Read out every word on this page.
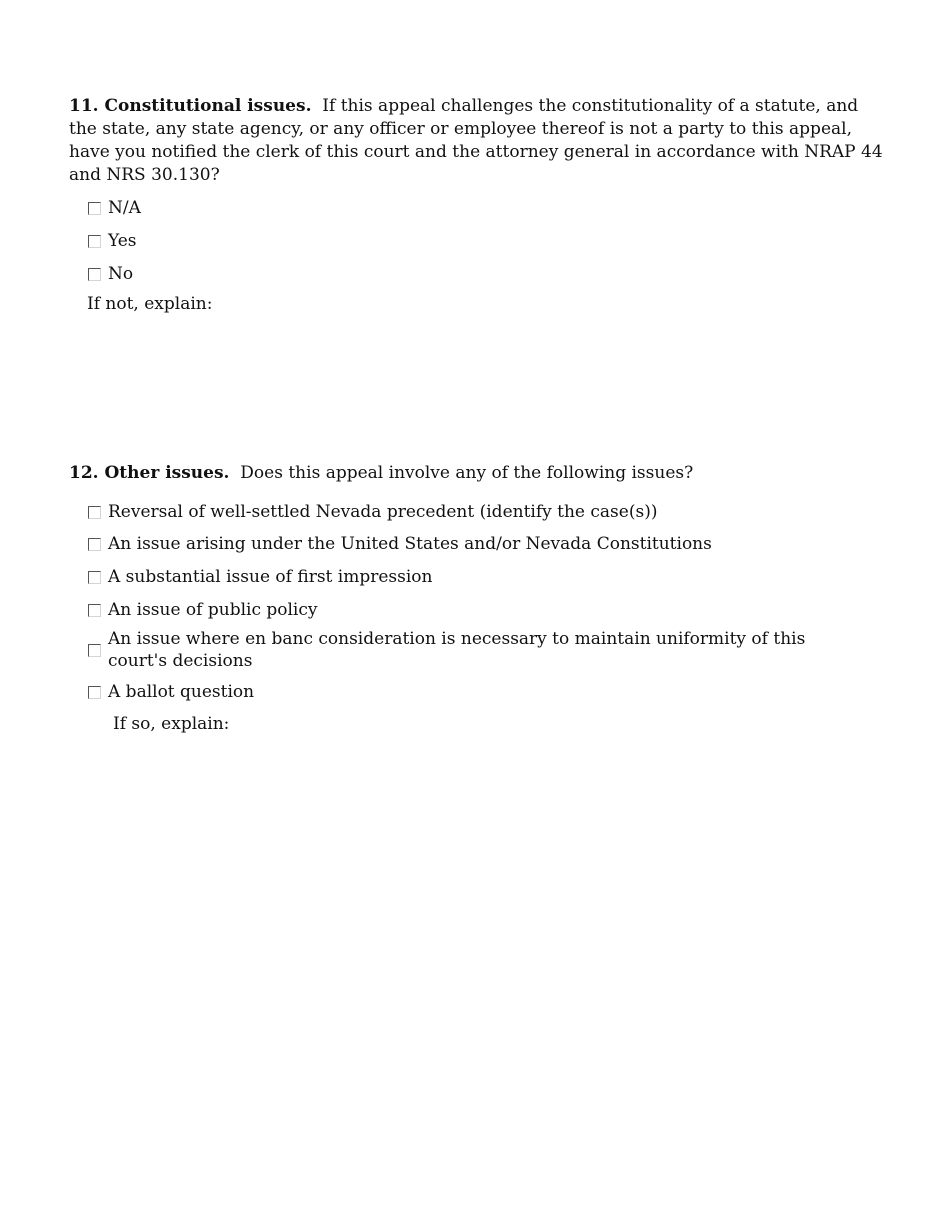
11. Constitutional issues. If this appeal challenges the constitutionality of a statute, and the state, any state agency, or any officer or employee thereof is not a party to this appeal, have you notified the clerk of this court and the attorney general in accordance with NRAP 44 and NRS 30.130?

N/A
Yes
No
If not, explain:

12. Other issues. Does this appeal involve any of the following issues?

Reversal of well-settled Nevada precedent (identify the case(s))
An issue arising under the United States and/or Nevada Constitutions
A substantial issue of first impression
An issue of public policy
An issue where en banc consideration is necessary to maintain uniformity of this court's decisions
A ballot question
If so, explain:
